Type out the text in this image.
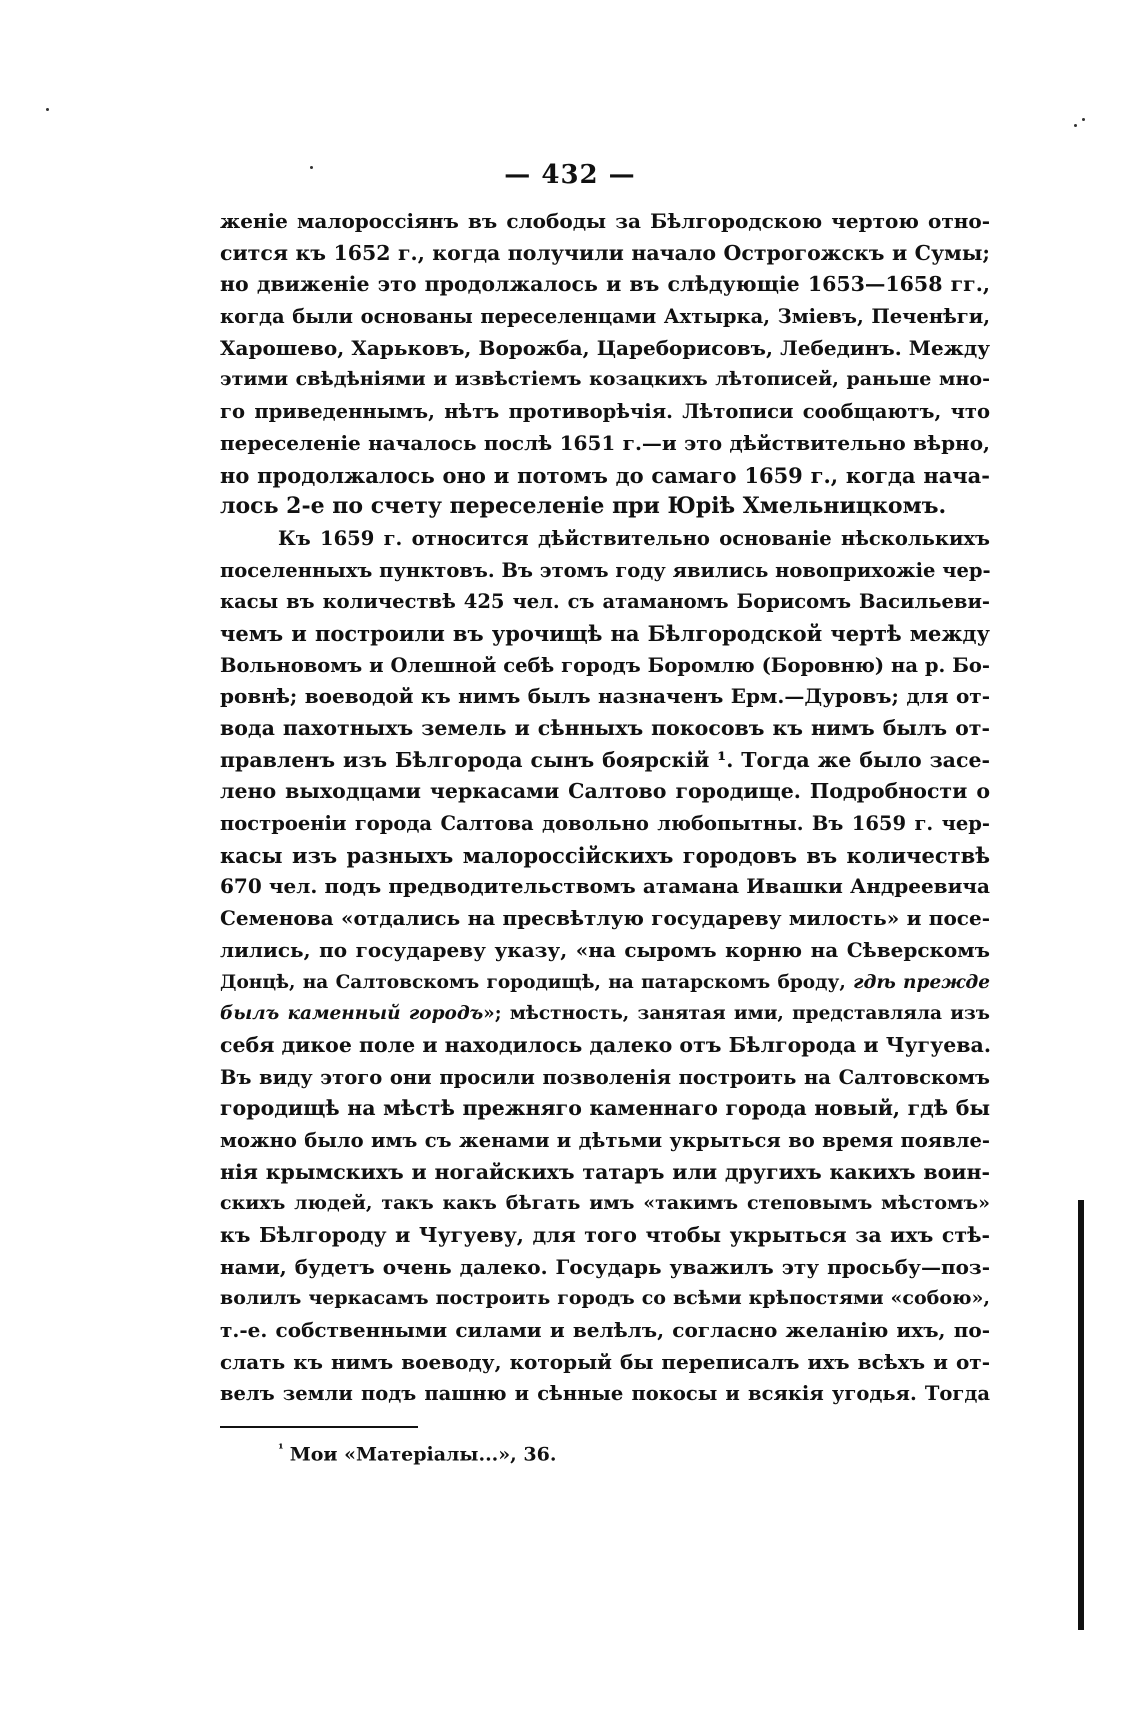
— 432 —
женіе малороссіянъ въ слободы за Бѣлгородскою чертою отно-
сится къ 1652 г., когда получили начало Острогожскъ и Сумы;
но движеніе это продолжалось и въ слѣдующіе 1653—1658 гг.,
когда были основаны переселенцами Ахтырка, Зміевъ, Печенѣги,
Харошево, Харьковъ, Ворожба, Цареборисовъ, Лебединъ. Между
этими свѣдѣніями и извѣстіемъ козацкихъ лѣтописей, раньше мно-
го приведеннымъ, нѣтъ противорѣчія. Лѣтописи сообщаютъ, что
переселеніе началось послѣ 1651 г.—и это дѣйствительно вѣрно,
но продолжалось оно и потомъ до самаго 1659 г., когда нача-
лось 2-е по счету переселеніе при Юріѣ Хмельницкомъ.
Къ 1659 г. относится дѣйствительно основаніе нѣсколькихъ
поселенныхъ пунктовъ. Въ этомъ году явились новоприхожіе чер-
касы въ количествѣ 425 чел. съ атаманомъ Борисомъ Васильеви-
чемъ и построили въ урочищѣ на Бѣлгородской чертѣ между
Вольновомъ и Олешной себѣ городъ Боромлю (Боровню) на р. Бо-
ровнѣ; воеводой къ нимъ былъ назначенъ Ерм.—Дуровъ; для от-
вода пахотныхъ земель и сѣнныхъ покосовъ къ нимъ былъ от-
правленъ изъ Бѣлгорода сынъ боярскій ¹. Тогда же было засе-
лено выходцами черкасами Салтово городище. Подробности о
построеніи города Салтова довольно любопытны. Въ 1659 г. чер-
касы изъ разныхъ малороссійскихъ городовъ въ количествѣ
670 чел. подъ предводительствомъ атамана Ивашки Андреевича
Семенова «отдались на пресвѣтлую государеву милость» и посе-
лились, по государеву указу, «на сыромъ корню на Сѣверскомъ
Донцѣ, на Салтовскомъ городищѣ, на патарскомъ броду, гдѣ прежде
былъ каменный городъ»; мѣстность, занятая ими, представляла изъ
себя дикое поле и находилось далеко отъ Бѣлгорода и Чугуева.
Въ виду этого они просили позволенія построить на Салтовскомъ
городищѣ на мѣстѣ прежняго каменнаго города новый, гдѣ бы
можно было имъ съ женами и дѣтьми укрыться во время появле-
нія крымскихъ и ногайскихъ татаръ или другихъ какихъ воин-
скихъ людей, такъ какъ бѣгать имъ «такимъ степовымъ мѣстомъ»
къ Бѣлгороду и Чугуеву, для того чтобы укрыться за ихъ стѣ-
нами, будетъ очень далеко. Государь уважилъ эту просьбу—поз-
волилъ черкасамъ построить городъ со всѣми крѣпостями «собою»,
т.-е. собственными силами и велѣлъ, согласно желанію ихъ, по-
слать къ нимъ воеводу, который бы переписалъ ихъ всѣхъ и от-
велъ земли подъ пашню и сѣнные покосы и всякія угодья. Тогда
$^{^1}$ Мои «Матеріалы...», 36.
